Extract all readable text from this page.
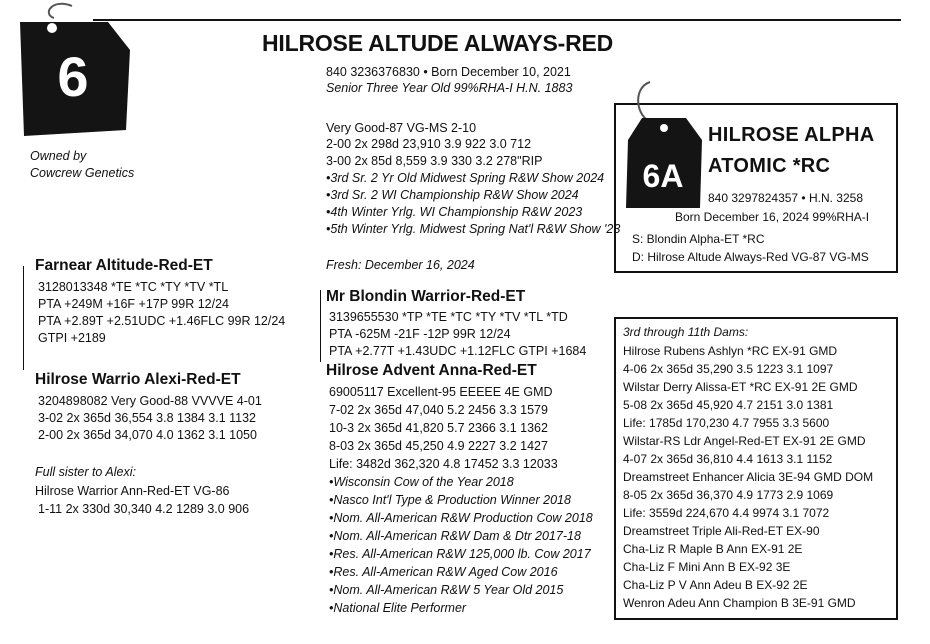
6
HILROSE ALTUDE ALWAYS-RED
840 3236376830 • Born December 10, 2021
Senior Three Year Old 99%RHA-I H.N. 1883
Owned by
Cowcrew Genetics
Very Good-87 VG-MS 2-10
2-00 2x 298d 23,910 3.9 922 3.0 712
3-00 2x 85d 8,559 3.9 330 3.2 278"RIP
•3rd Sr. 2 Yr Old Midwest Spring R&W Show 2024
•3rd Sr. 2 WI Championship R&W Show 2024
•4th Winter Yrlg. WI Championship R&W 2023
•5th Winter Yrlg. Midwest Spring Nat'l R&W Show '23
Fresh: December 16, 2024
Farnear Altitude-Red-ET
3128013348 *TE *TC *TY *TV *TL
PTA +249M +16F +17P 99R 12/24
PTA +2.89T +2.51UDC +1.46FLC 99R 12/24
GTPI +2189
Hilrose Warrio Alexi-Red-ET
3204898082 Very Good-88 VVVVE 4-01
3-02 2x 365d 36,554 3.8 1384 3.1 1132
2-00 2x 365d 34,070 4.0 1362 3.1 1050
Full sister to Alexi:
Hilrose Warrior Ann-Red-ET VG-86
1-11 2x 330d 30,340 4.2 1289 3.0 906
Mr Blondin Warrior-Red-ET
3139655530 *TP *TE *TC *TY *TV *TL *TD
PTA -625M -21F -12P 99R 12/24
PTA +2.77T +1.43UDC +1.12FLC GTPI +1684
Hilrose Advent Anna-Red-ET
69005117 Excellent-95 EEEEE 4E GMD
7-02 2x 365d 47,040 5.2 2456 3.3 1579
10-3 2x 365d 41,820 5.7 2366 3.1 1362
8-03 2x 365d 45,250 4.9 2227 3.2 1427
Life: 3482d 362,320 4.8 17452 3.3 12033
•Wisconsin Cow of the Year 2018
•Nasco Int'l Type & Production Winner 2018
•Nom. All-American R&W Production Cow 2018
•Nom. All-American R&W Dam & Dtr 2017-18
•Res. All-American R&W 125,000 lb. Cow 2017
•Res. All-American R&W Aged Cow 2016
•Nom. All-American R&W 5 Year Old 2015
•National Elite Performer
6A
HILROSE ALPHA
ATOMIC *RC
840 3297824357 • H.N. 3258
Born December 16, 2024 99%RHA-I
S: Blondin Alpha-ET *RC
D: Hilrose Altude Always-Red VG-87 VG-MS
3rd through 11th Dams:
Hilrose Rubens Ashlyn *RC EX-91 GMD
4-06 2x 365d 35,290 3.5 1223 3.1 1097
Wilstar Derry Alissa-ET *RC EX-91 2E GMD
5-08 2x 365d 45,920 4.7 2151 3.0 1381
Life: 1785d 170,230 4.7 7955 3.3 5600
Wilstar-RS Ldr Angel-Red-ET EX-91 2E GMD
4-07 2x 365d 36,810 4.4 1613 3.1 1152
Dreamstreet Enhancer Alicia 3E-94 GMD DOM
8-05 2x 365d 36,370 4.9 1773 2.9 1069
Life: 3559d 224,670 4.4 9974 3.1 7072
Dreamstreet Triple Ali-Red-ET EX-90
Cha-Liz R Maple B Ann EX-91 2E
Cha-Liz F Mini Ann B EX-92 3E
Cha-Liz P V Ann Adeu B EX-92 2E
Wenron Adeu Ann Champion B 3E-91 GMD
